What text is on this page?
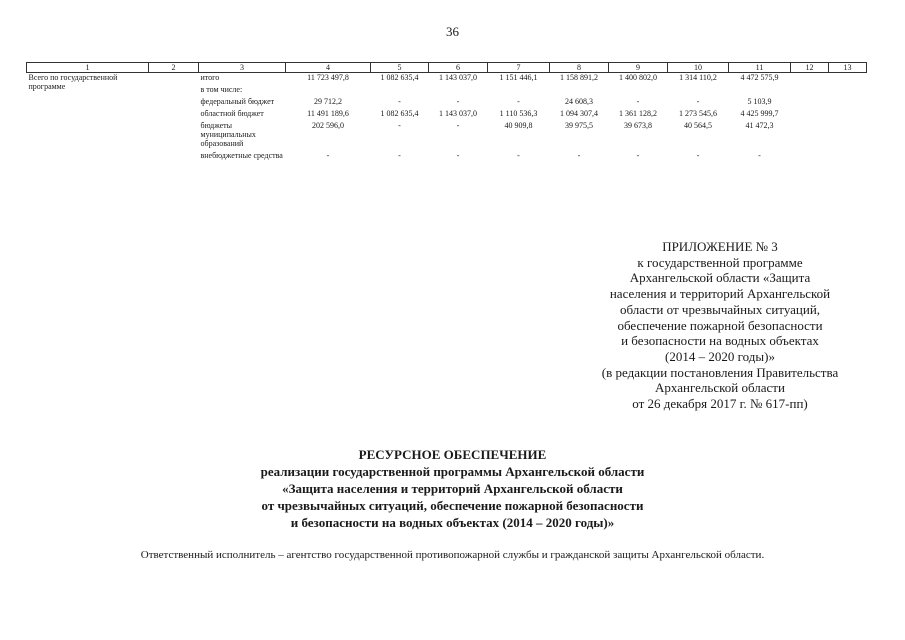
36
1	2	3	4	5	6	7	8	9	10	11	12	13
Всего по государственной программе		итого	11 723 497,8	1 082 635,4	1 143 037,0	1 151 446,1	1 158 891,2	1 400 802,0	1 314 110,2	4 472 575,9		
		в том числе:										
		федеральный бюджет	29 712,2	-	-	-	24 608,3	-	-	5 103,9		
		областной бюджет	11 491 189,6	1 082 635,4	1 143 037,0	1 110 536,3	1 094 307,4	1 361 128,2	1 273 545,6	4 425 999,7		
		бюджеты муниципальных образований	202 596,0	-	-	40 909,8	39 975,5	39 673,8	40 564,5	41 472,3		
		внебюджетные средства	-	-	-	-	-	-	-	-		
ПРИЛОЖЕНИЕ № 3
к государственной программе
Архангельской области «Защита
населения и территорий Архангельской
области от чрезвычайных ситуаций,
обеспечение пожарной безопасности
и безопасности на водных объектах
(2014 – 2020 годы)»
(в редакции постановления Правительства
Архангельской области
от 26 декабря 2017 г. № 617-пп)
РЕСУРСНОЕ ОБЕСПЕЧЕНИЕ
реализации государственной программы Архангельской области
«Защита населения и территорий Архангельской области
от чрезвычайных ситуаций, обеспечение пожарной безопасности
и безопасности на водных объектах (2014 – 2020 годы)»
Ответственный исполнитель – агентство государственной противопожарной службы и гражданской защиты Архангельской области.
